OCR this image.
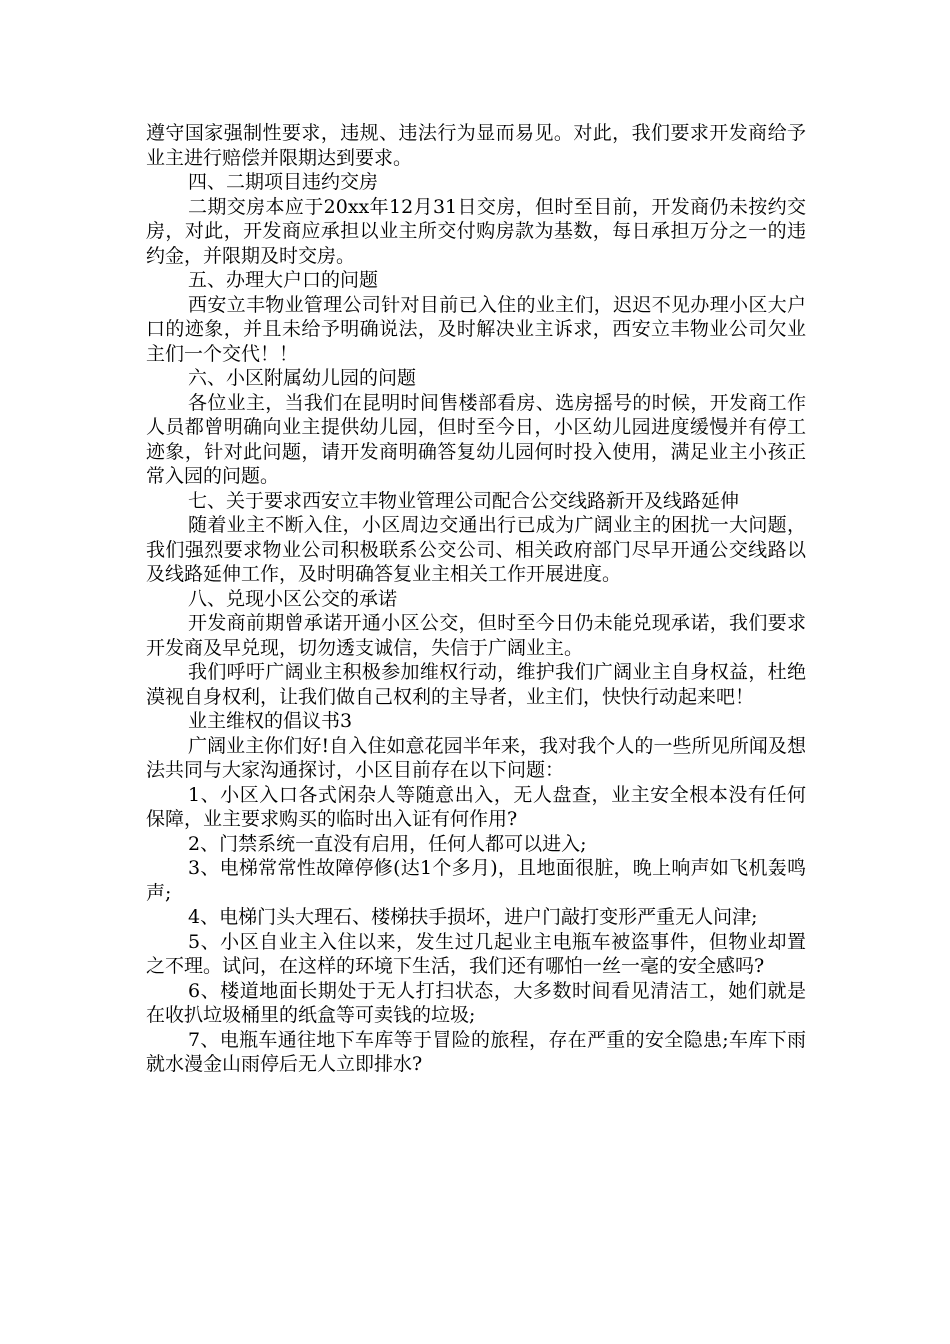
遵守国家强制性要求，违规、违法行为显而易见。对此，我们要求开发商给予业主进行赔偿并限期达到要求。

四、二期项目违约交房

二期交房本应于20xx年12月31日交房，但时至目前，开发商仍未按约交房，对此，开发商应承担以业主所交付购房款为基数，每日承担万分之一的违约金，并限期及时交房。

五、办理大户口的问题

西安立丰物业管理公司针对目前已入住的业主们，迟迟不见办理小区大户口的迹象，并且未给予明确说法，及时解决业主诉求，西安立丰物业公司欠业主们一个交代！！

六、小区附属幼儿园的问题

各位业主，当我们在昆明时间售楼部看房、选房摇号的时候，开发商工作人员都曾明确向业主提供幼儿园，但时至今日，小区幼儿园进度缓慢并有停工迹象，针对此问题，请开发商明确答复幼儿园何时投入使用，满足业主小孩正常入园的问题。

七、关于要求西安立丰物业管理公司配合公交线路新开及线路延伸

随着业主不断入住，小区周边交通出行已成为广阔业主的困扰一大问题，我们强烈要求物业公司积极联系公交公司、相关政府部门尽早开通公交线路以及线路延伸工作，及时明确答复业主相关工作开展进度。

八、兑现小区公交的承诺

开发商前期曾承诺开通小区公交，但时至今日仍未能兑现承诺，我们要求开发商及早兑现，切勿透支诚信，失信于广阔业主。

我们呼吁广阔业主积极参加维权行动，维护我们广阔业主自身权益，杜绝漠视自身权利，让我们做自己权利的主导者，业主们，快快行动起来吧！

业主维权的倡议书3

广阔业主你们好!自入住如意花园半年来，我对我个人的一些所见所闻及想法共同与大家沟通探讨，小区目前存在以下问题：

1、小区入口各式闲杂人等随意出入，无人盘查，业主安全根本没有任何保障，业主要求购买的临时出入证有何作用?

2、门禁系统一直没有启用，任何人都可以进入;

3、电梯常常性故障停修(达1个多月)，且地面很脏，晚上响声如飞机轰鸣声;

4、电梯门头大理石、楼梯扶手损坏，进户门敲打变形严重无人问津;

5、小区自业主入住以来，发生过几起业主电瓶车被盗事件，但物业却置之不理。试问，在这样的环境下生活，我们还有哪怕一丝一毫的安全感吗?

6、楼道地面长期处于无人打扫状态，大多数时间看见清洁工，她们就是在收扒垃圾桶里的纸盒等可卖钱的垃圾;

7、电瓶车通往地下车库等于冒险的旅程，存在严重的安全隐患;车库下雨就水漫金山雨停后无人立即排水?
